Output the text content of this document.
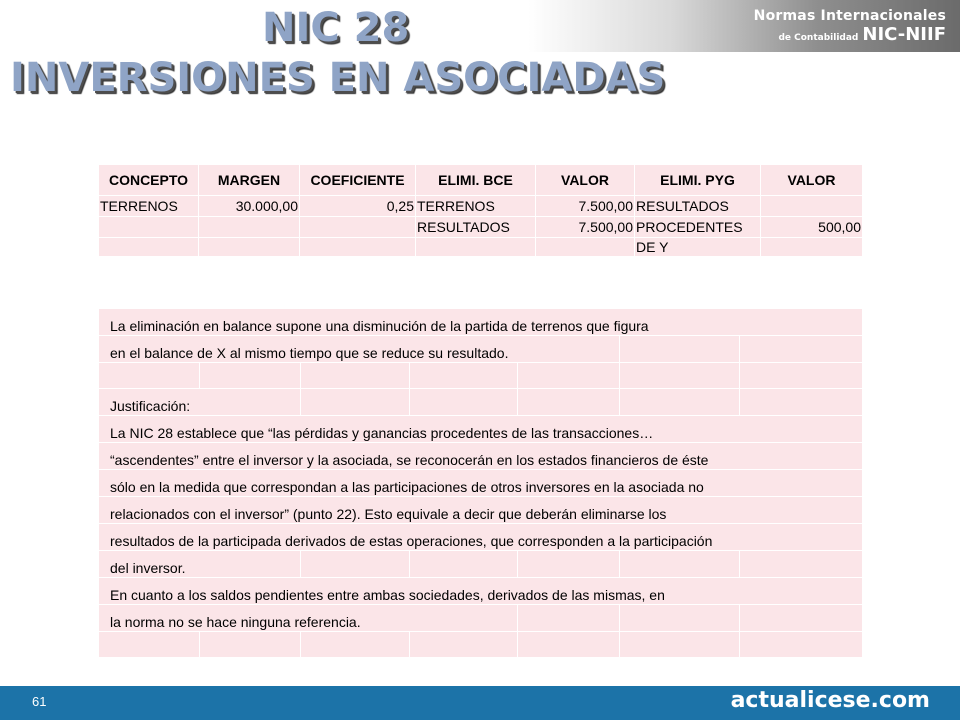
Normas Internacionales
de Contabilidad NIC-NIIF
NIC 28
INVERSIONES EN ASOCIADAS
CONCEPTO	MARGEN	COEFICIENTE	ELIMI. BCE	VALOR	ELIMI. PYG	VALOR
TERRENOS	30.000,00	0,25	TERRENOS	7.500,00	RESULTADOS	
			RESULTADOS	7.500,00	PROCEDENTES	500,00
					DE Y	
La eliminación en balance supone una disminución de la partida de terrenos que figura						
en el balance de X al mismo tiempo que se reduce su resultado.						

Justificación:						
La NIC 28 establece que “las pérdidas y ganancias procedentes de las transacciones…						
“ascendentes” entre el inversor y la asociada, se reconocerán en los estados financieros de éste						
sólo en la medida que correspondan a las participaciones de otros inversores en la asociada no						
relacionados con el inversor” (punto 22). Esto equivale a decir que deberán eliminarse los						
resultados de la participada derivados de estas operaciones, que corresponden a la participación						
del inversor.						
En cuanto a los saldos pendientes entre ambas sociedades, derivados de las mismas, en						
la norma no se hace ninguna referencia.						

61	actualicese.com
